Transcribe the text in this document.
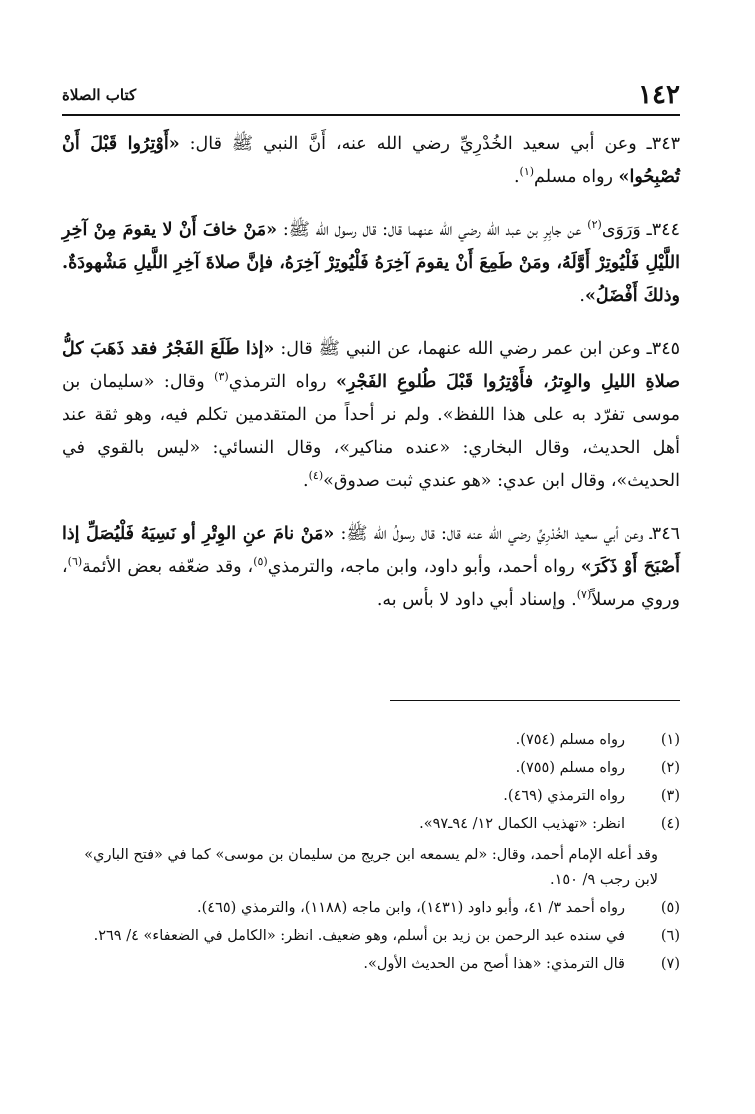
١٤٢
كتاب الصلاة

٣٤٣ـ وعن أبي سعيد الخُدْرِيِّ رضي الله عنه، أَنَّ النبي ﷺ قال: «أَوْتِرُوا قَبْلَ أَنْ تُصْبِحُوا» رواه مسلم$^{(١)}$.

٣٤٤ـ وَرَوَى$^{(٢)}$ عن جابِرِ بن عبد الله رضي الله عنهما قال: قال رسول الله ﷺ: «مَنْ خافَ أَنْ لا يقومَ مِنْ آخِرِ اللَّيْلِ فَلْيُوتِرْ أَوَّلَهُ، ومَنْ طَمِعَ أَنْ يقومَ آخِرَهُ فَلْيُوتِرْ آخِرَهُ، فإنَّ صلاةَ آخِرِ اللَّيلِ مَشْهودَةٌ. وذلكَ أَفْضَلُ».

٣٤٥ـ وعن ابن عمر رضي الله عنهما، عن النبي ﷺ قال: «إذا طَلَعَ الفَجْرُ فقد ذَهَبَ كلُّ صلاةِ الليلِ والوِترُ، فأَوْتِرُوا قَبْلَ طُلوعِ الفَجْرِ» رواه الترمذي$^{(٣)}$ وقال: «سليمان بن موسى تفرّد به على هذا اللفظ». ولم نر أحداً من المتقدمين تكلم فيه، وهو ثقة عند أهل الحديث، وقال البخاري: «عنده مناكير»، وقال النسائي: «ليس بالقوي في الحديث»، وقال ابن عدي: «هو عندي ثبت صدوق»$^{(٤)}$.

٣٤٦ـ وعن أبي سعيد الخُدْرِيِّ رضي الله عنه قال: قال رسولُ الله ﷺ: «مَنْ نامَ عنِ الوِتْرِ أو نَسِيَهُ فَلْيُصَلِّ إذا أَصْبَحَ أَوْ ذَكَرَ» رواه أحمد، وأبو داود، وابن ماجه، والترمذي$^{(٥)}$، وقد ضعّفه بعض الأئمة$^{(٦)}$، وروي مرسلاً$^{(٧)}$. وإسناد أبي داود لا بأس به.

(١)
رواه مسلم (٧٥٤).

(٢)
رواه مسلم (٧٥٥).

(٣)
رواه الترمذي (٤٦٩).

(٤)
انظر: «تهذيب الكمال ١٢/ ٩٤ـ٩٧».

وقد أعله الإمام أحمد، وقال: «لم يسمعه ابن جريج من سليمان بن موسى» كما في «فتح الباري» لابن رجب ٩/ ١٥٠.

(٥)
رواه أحمد ٣/ ٤١، وأبو داود (١٤٣١)، وابن ماجه (١١٨٨)، والترمذي (٤٦٥).

(٦)
في سنده عبد الرحمن بن زيد بن أسلم، وهو ضعيف. انظر: «الكامل في الضعفاء» ٤/ ٢٦٩.

(٧)
قال الترمذي: «هذا أصح من الحديث الأول».
